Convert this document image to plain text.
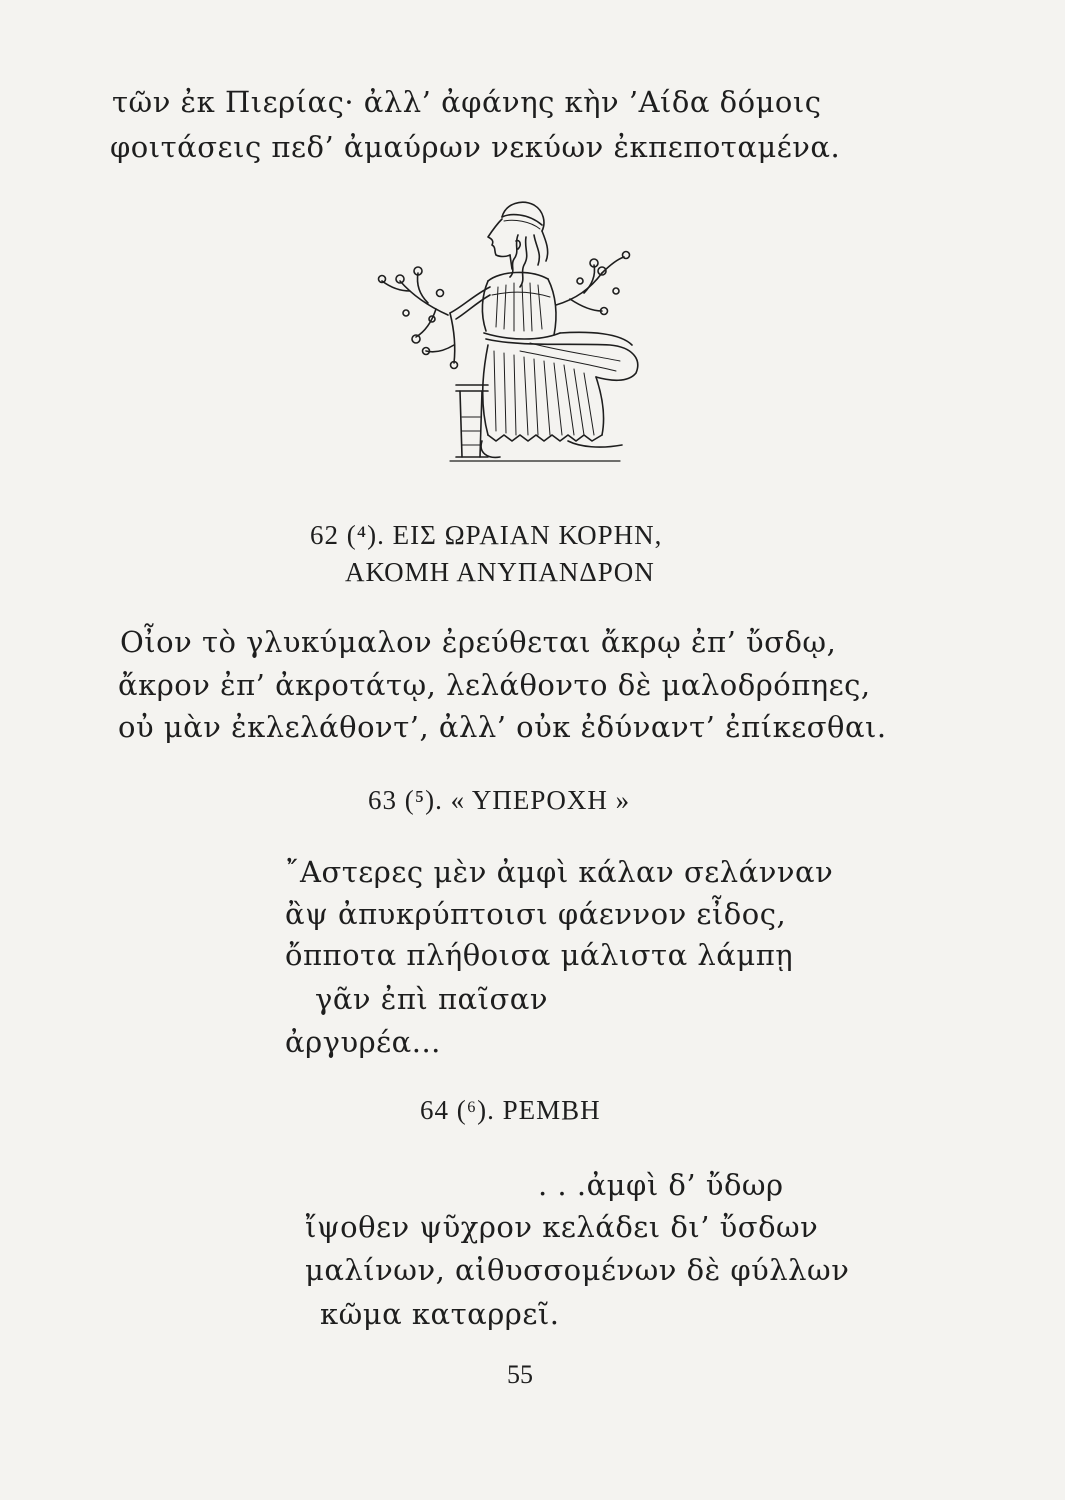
τῶν ἐκ Πιερίας· ἀλλ’ ἀφάνης κὴν ’Αίδα δόμοις
φοιτάσεις πεδ’ ἀμαύρων νεκύων ἐκπεποταμένα.
62 (⁴). ΕΙΣ ΩΡΑΙΑΝ ΚΟΡΗΝ,
ΑΚΟΜΗ ΑΝΥΠΑΝΔΡΟΝ
Οἶον τὸ γλυκύμαλον ἐρεύθεται ἄκρῳ ἐπ’ ὔσδῳ,
ἄκρον ἐπ’ ἀκροτάτῳ, λελάθοντο δὲ μαλοδρόπηες,
οὐ μὰν ἐκλελάθοντ’, ἀλλ’ οὐκ ἐδύναντ’ ἐπίκεσθαι.
63 (⁵). « ΥΠΕΡΟΧΗ »
῎Αστερες μὲν ἀμφὶ κάλαν σελάνναν
ἂψ ἀπυκρύπτοισι φάεννον εἶδος,
ὄπποτα πλήθοισα μάλιστα λάμπῃ
γᾶν ἐπὶ παῖσαν
ἀργυρέα...
64 (⁶). ΡΕΜΒΗ
. . .ἀμφὶ δ’ ὔδωρ
ἴψοθεν ψῦχρον κελάδει δι’ ὔσδων
μαλίνων, αἰθυσσομένων δὲ φύλλων
κῶμα καταρρεῖ.
55
